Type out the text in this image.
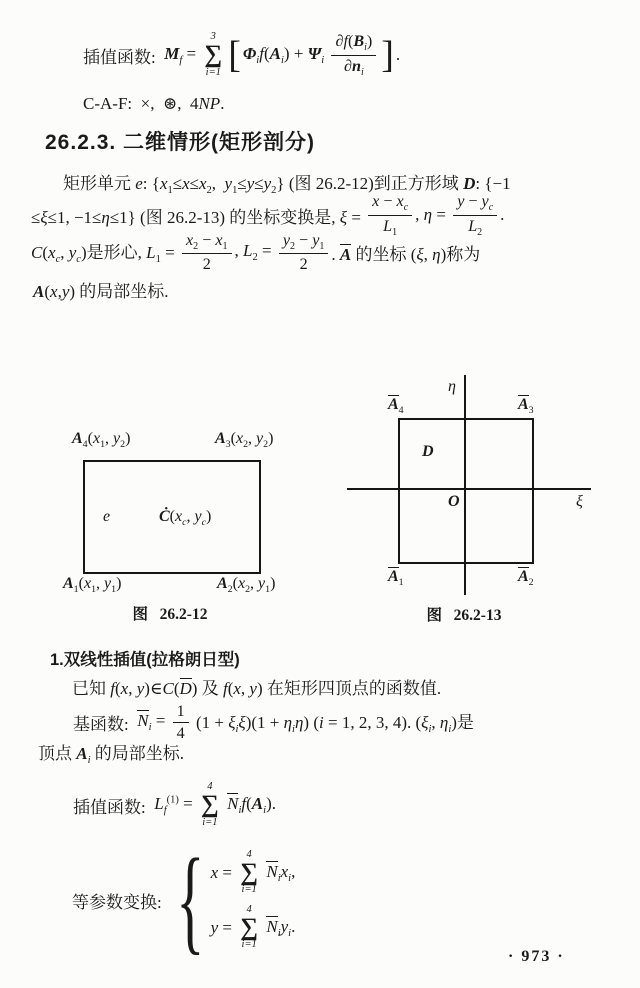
插值函数: $M_f$ =
3
∑
i=1 [ $\Phi_if(A_i) + \Psi_i \frac{\partial f(B_i)}{\partial n_i}$ ] .
C-A-F:  ×,  ⊛,  4NP.
26.2.3. 二维情形(矩形剖分)
矩形单元 e: {$x_1\le x\le x_2$,  $y_1\le y\le y_2$} (图 26.2-12)到正方形域 D: {−1
≤ξ≤1, −1≤η≤1} (图 26.2-13) 的坐标变换是, $\xi = \frac{x - x_c}{L_1}$ , $\eta = \frac{y - y_c}{L_2}$ .
$C(x_c$, $y_c$)是形心, $L_1 = \frac{x_2 - x_1}{2}$ , $L_2 = \frac{y_2 - y_1}{2}$ . A 的坐标 (ξ, η)称为
A(x,y) 的局部坐标.
$A_4(x_1$, $y_2$)	$A_3(x_2$, $y_2$)
e	$Ċ(x_c$, $y_c$)
$A_1(x_1$, $y_1$)	$A_2(x_2$, $y_1$)
图   26.2-12
η
ξ
$A_4$	$A_3$
D
O
$A_1$	$A_2$
图   26.2-13
1.双线性插值(拉格朗日型)
已知 f(x, y)∈C(D) 及 f(x, y) 在矩形四顶点的函数值.
基函数: $N_i = \frac{1}{4} (1 + \xi_i\xi)(1 + \eta_i\eta) (i = 1$, 2, 3, 4). ($\xi_i$, $\eta_i$)是
顶点 $A_i$ 的局部坐标.
插值函数: $L_f^{(1)}$ =
4
∑
i=1
$N_if(A_i)$.
等参数变换: { x =
4
∑
i=1
$N_ix_i$,
y =
4
∑
i=1
$N_iy_i$.
· 973 ·
